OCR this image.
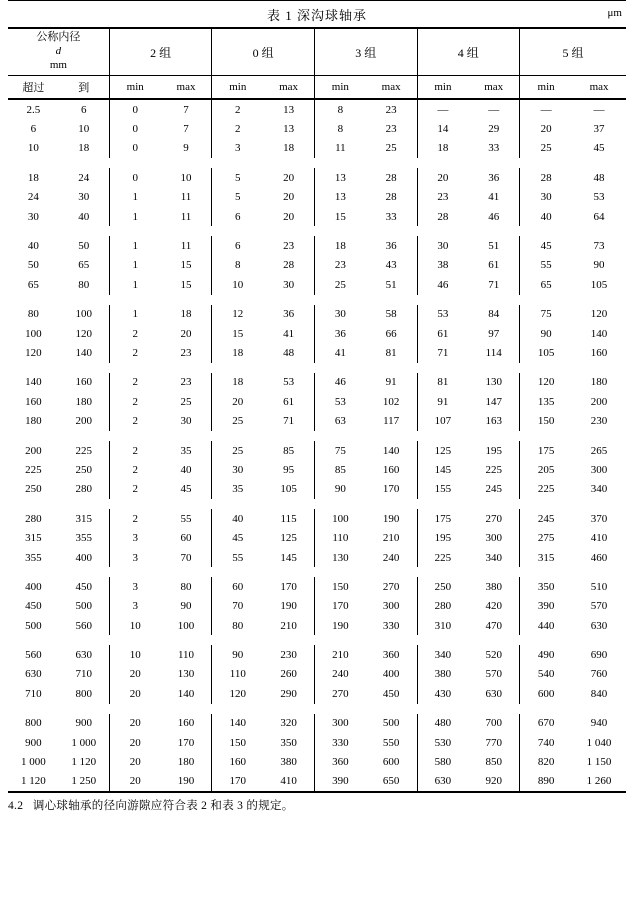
表 1 深沟球轴承	μm
公称内径
d
mm		2 组		0 组		3 组		4 组		5 组	
超过	到	min	max	min	max	min	max	min	max	min	max
2.5	6	0	7	2	13	8	23	—	—	—	—
6	10	0	7	2	13	8	23	14	29	20	37
10	18	0	9	3	18	11	25	18	33	25	45

18	24	0	10	5	20	13	28	20	36	28	48
24	30	1	11	5	20	13	28	23	41	30	53
30	40	1	11	6	20	15	33	28	46	40	64

40	50	1	11	6	23	18	36	30	51	45	73
50	65	1	15	8	28	23	43	38	61	55	90
65	80	1	15	10	30	25	51	46	71	65	105

80	100	1	18	12	36	30	58	53	84	75	120
100	120	2	20	15	41	36	66	61	97	90	140
120	140	2	23	18	48	41	81	71	114	105	160

140	160	2	23	18	53	46	91	81	130	120	180
160	180	2	25	20	61	53	102	91	147	135	200
180	200	2	30	25	71	63	117	107	163	150	230

200	225	2	35	25	85	75	140	125	195	175	265
225	250	2	40	30	95	85	160	145	225	205	300
250	280	2	45	35	105	90	170	155	245	225	340

280	315	2	55	40	115	100	190	175	270	245	370
315	355	3	60	45	125	110	210	195	300	275	410
355	400	3	70	55	145	130	240	225	340	315	460

400	450	3	80	60	170	150	270	250	380	350	510
450	500	3	90	70	190	170	300	280	420	390	570
500	560	10	100	80	210	190	330	310	470	440	630

560	630	10	110	90	230	210	360	340	520	490	690
630	710	20	130	110	260	240	400	380	570	540	760
710	800	20	140	120	290	270	450	430	630	600	840

800	900	20	160	140	320	300	500	480	700	670	940
900	1 000	20	170	150	350	330	550	530	770	740	1 040
1 000	1 120	20	180	160	380	360	600	580	850	820	1 150
1 120	1 250	20	190	170	410	390	650	630	920	890	1 260
4.2 调心球轴承的径向游隙应符合表 2 和表 3 的规定。
